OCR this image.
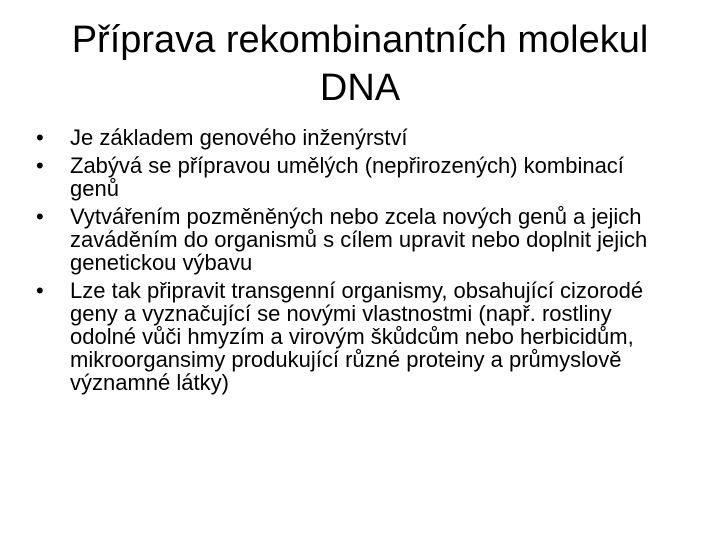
Příprava rekombinantních molekul DNA
•	Je základem genového inženýrství
•	Zabývá se přípravou umělých (nepřirozených) kombinací genů
•	Vytvářením pozměněných nebo zcela nových genů a jejich zaváděním do organismů s cílem upravit nebo doplnit jejich genetickou výbavu
•	Lze tak připravit transgenní organismy, obsahující cizorodé geny a vyznačující se novými vlastnostmi (např. rostliny odolné vůči hmyzím a virovým škůdcům nebo herbicidům, mikroorgansimy produkující různé proteiny a průmyslově významné látky)
